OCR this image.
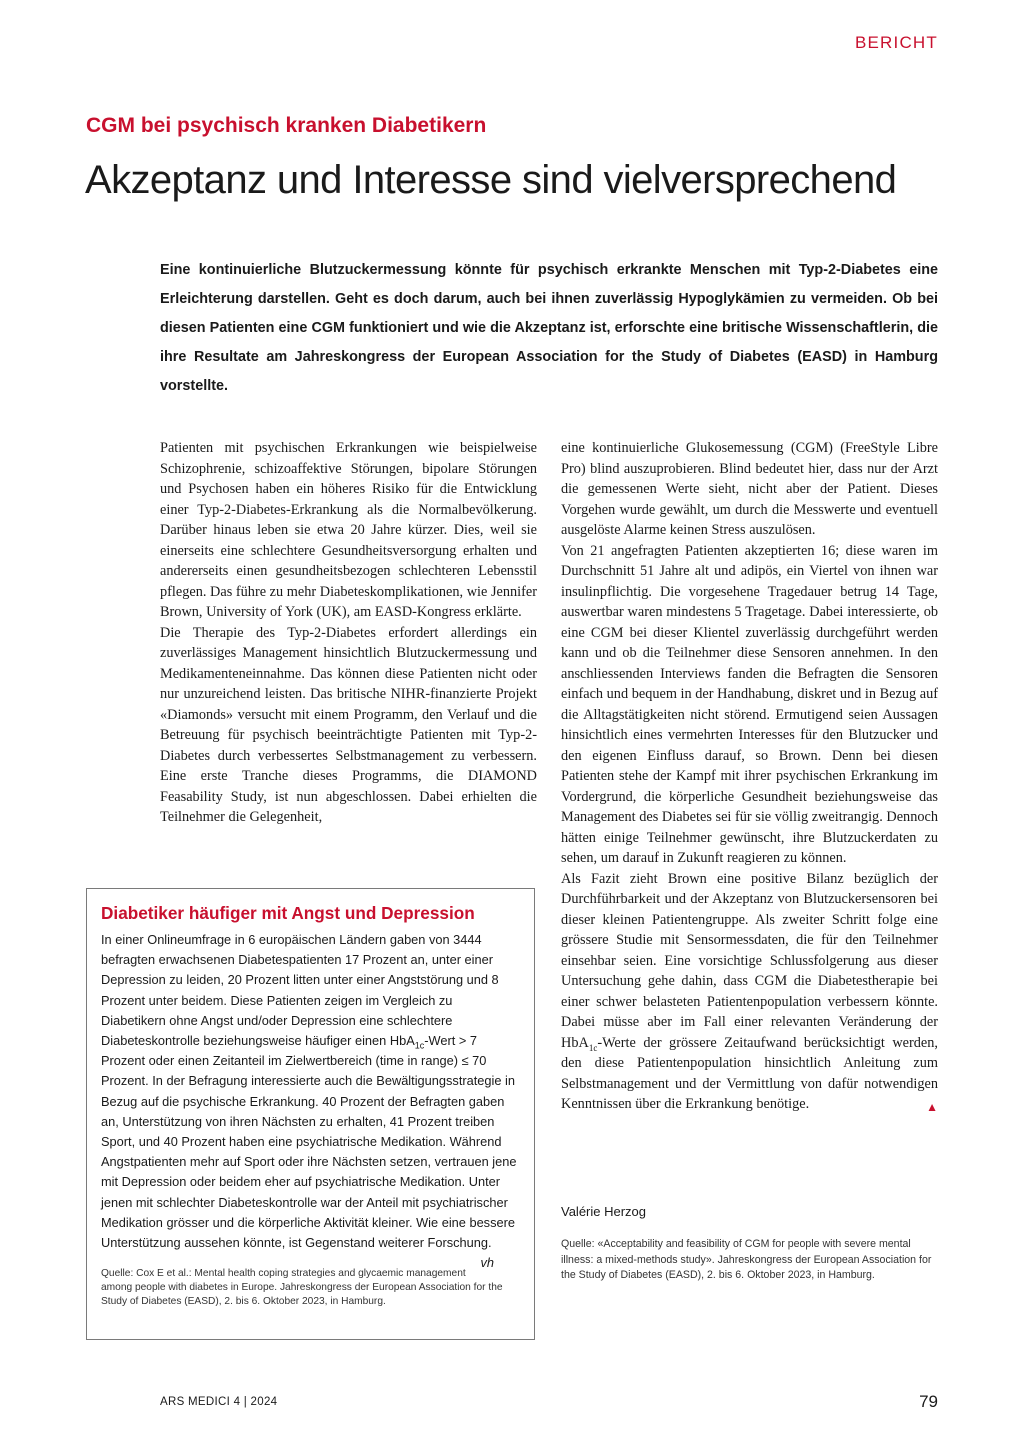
BERICHT
CGM bei psychisch kranken Diabetikern
Akzeptanz und Interesse sind vielversprechend
Eine kontinuierliche Blutzuckermessung könnte für psychisch erkrankte Menschen mit Typ-2-Diabetes eine Erleichterung darstellen. Geht es doch darum, auch bei ihnen zuverlässig Hypoglykämien zu vermeiden. Ob bei diesen Patienten eine CGM funktioniert und wie die Akzeptanz ist, erforschte eine britische Wissenschaftlerin, die ihre Resultate am Jahreskongress der European Association for the Study of Diabetes (EASD) in Hamburg vorstellte.

Patienten mit psychischen Erkrankungen wie beispielweise Schizophrenie, schizoaffektive Störungen, bipolare Störungen und Psychosen haben ein höheres Risiko für die Entwicklung einer Typ-2-Diabetes-Erkrankung als die Normalbevölkerung. Darüber hinaus leben sie etwa 20 Jahre kürzer. Dies, weil sie einerseits eine schlechtere Gesundheitsversorgung erhalten und andererseits einen gesundheitsbezogen schlechteren Lebensstil pflegen. Das führe zu mehr Diabeteskomplikationen, wie Jennifer Brown, University of York (UK), am EASD-Kongress erklärte.

Die Therapie des Typ-2-Diabetes erfordert allerdings ein zuverlässiges Management hinsichtlich Blutzuckermessung und Medikamenteneinnahme. Das können diese Patienten nicht oder nur unzureichend leisten. Das britische NIHR-finanzierte Projekt «Diamonds» versucht mit einem Programm, den Verlauf und die Betreuung für psychisch beeinträchtigte Patienten mit Typ-2-Diabetes durch verbessertes Selbstmanagement zu verbessern. Eine erste Tranche dieses Programms, die DIAMOND Feasability Study, ist nun abgeschlossen. Dabei erhielten die Teilnehmer die Gelegenheit,

eine kontinuierliche Glukosemessung (CGM) (FreeStyle Libre Pro) blind auszuprobieren. Blind bedeutet hier, dass nur der Arzt die gemessenen Werte sieht, nicht aber der Patient. Dieses Vorgehen wurde gewählt, um durch die Messwerte und eventuell ausgelöste Alarme keinen Stress auszulösen.

Von 21 angefragten Patienten akzeptierten 16; diese waren im Durchschnitt 51 Jahre alt und adipös, ein Viertel von ihnen war insulinpflichtig. Die vorgesehene Tragedauer betrug 14 Tage, auswertbar waren mindestens 5 Tragetage. Dabei interessierte, ob eine CGM bei dieser Klientel zuverlässig durchgeführt werden kann und ob die Teilnehmer diese Sensoren annehmen. In den anschliessenden Interviews fanden die Befragten die Sensoren einfach und bequem in der Handhabung, diskret und in Bezug auf die Alltagstätigkeiten nicht störend. Ermutigend seien Aussagen hinsichtlich eines vermehrten Interesses für den Blutzucker und den eigenen Einfluss darauf, so Brown. Denn bei diesen Patienten stehe der Kampf mit ihrer psychischen Erkrankung im Vordergrund, die körperliche Gesundheit beziehungsweise das Management des Diabetes sei für sie völlig zweitrangig. Dennoch hätten einige Teilnehmer gewünscht, ihre Blutzuckerdaten zu sehen, um darauf in Zukunft reagieren zu können.

Als Fazit zieht Brown eine positive Bilanz bezüglich der Durchführbarkeit und der Akzeptanz von Blutzuckersensoren bei dieser kleinen Patientengruppe. Als zweiter Schritt folge eine grössere Studie mit Sensormessdaten, die für den Teilnehmer einsehbar seien. Eine vorsichtige Schlussfolgerung aus dieser Untersuchung gehe dahin, dass CGM die Diabetestherapie bei einer schwer belasteten Patientenpopulation verbessern könnte. Dabei müsse aber im Fall einer relevanten Veränderung der HbA$_{1c}$-Werte der grössere Zeitaufwand berücksichtigt werden, den diese Patientenpopulation hinsichtlich Anleitung zum Selbstmanagement und der Vermittlung von dafür notwendigen Kenntnissen über die Erkrankung benötige.	▲

Valérie Herzog
Quelle: «Acceptability and feasibility of CGM for people with severe mental illness: a mixed-methods study». Jahreskongress der European Association for the Study of Diabetes (EASD), 2. bis 6. Oktober 2023, in Hamburg.
Diabetiker häufiger mit Angst und Depression

In einer Onlineumfrage in 6 europäischen Ländern gaben von 3444 befragten erwachsenen Diabetespatienten 17 Prozent an, unter einer Depression zu leiden, 20 Prozent litten unter einer Angststörung und 8 Prozent unter beidem. Diese Patienten zeigen im Vergleich zu Diabetikern ohne Angst und/oder Depression eine schlechtere Diabeteskontrolle beziehungsweise häufiger einen HbA$_{1c}$-Wert > 7 Prozent oder einen Zeitanteil im Zielwertbereich (time in range) ≤ 70 Prozent. In der Befragung interessierte auch die Bewältigungsstrategie in Bezug auf die psychische Erkrankung. 40 Prozent der Befragten gaben an, Unterstützung von ihren Nächsten zu erhalten, 41 Prozent treiben Sport, und 40 Prozent haben eine psychiatrische Medikation. Während Angstpatienten mehr auf Sport oder ihre Nächsten setzen, vertrauen jene mit Depression oder beidem eher auf psychiatrische Medikation. Unter jenen mit schlechter Diabeteskontrolle war der Anteil mit psychiatrischer Medikation grösser und die körperliche Aktivität kleiner. Wie eine bessere Unterstützung aussehen könnte, ist Gegenstand weiterer Forschung.
vh

Quelle: Cox E et al.: Mental health coping strategies and glycaemic management among people with diabetes in Europe. Jahreskongress der European Association for the Study of Diabetes (EASD), 2. bis 6. Oktober 2023, in Hamburg.
ARS MEDICI 4 | 2024	79
